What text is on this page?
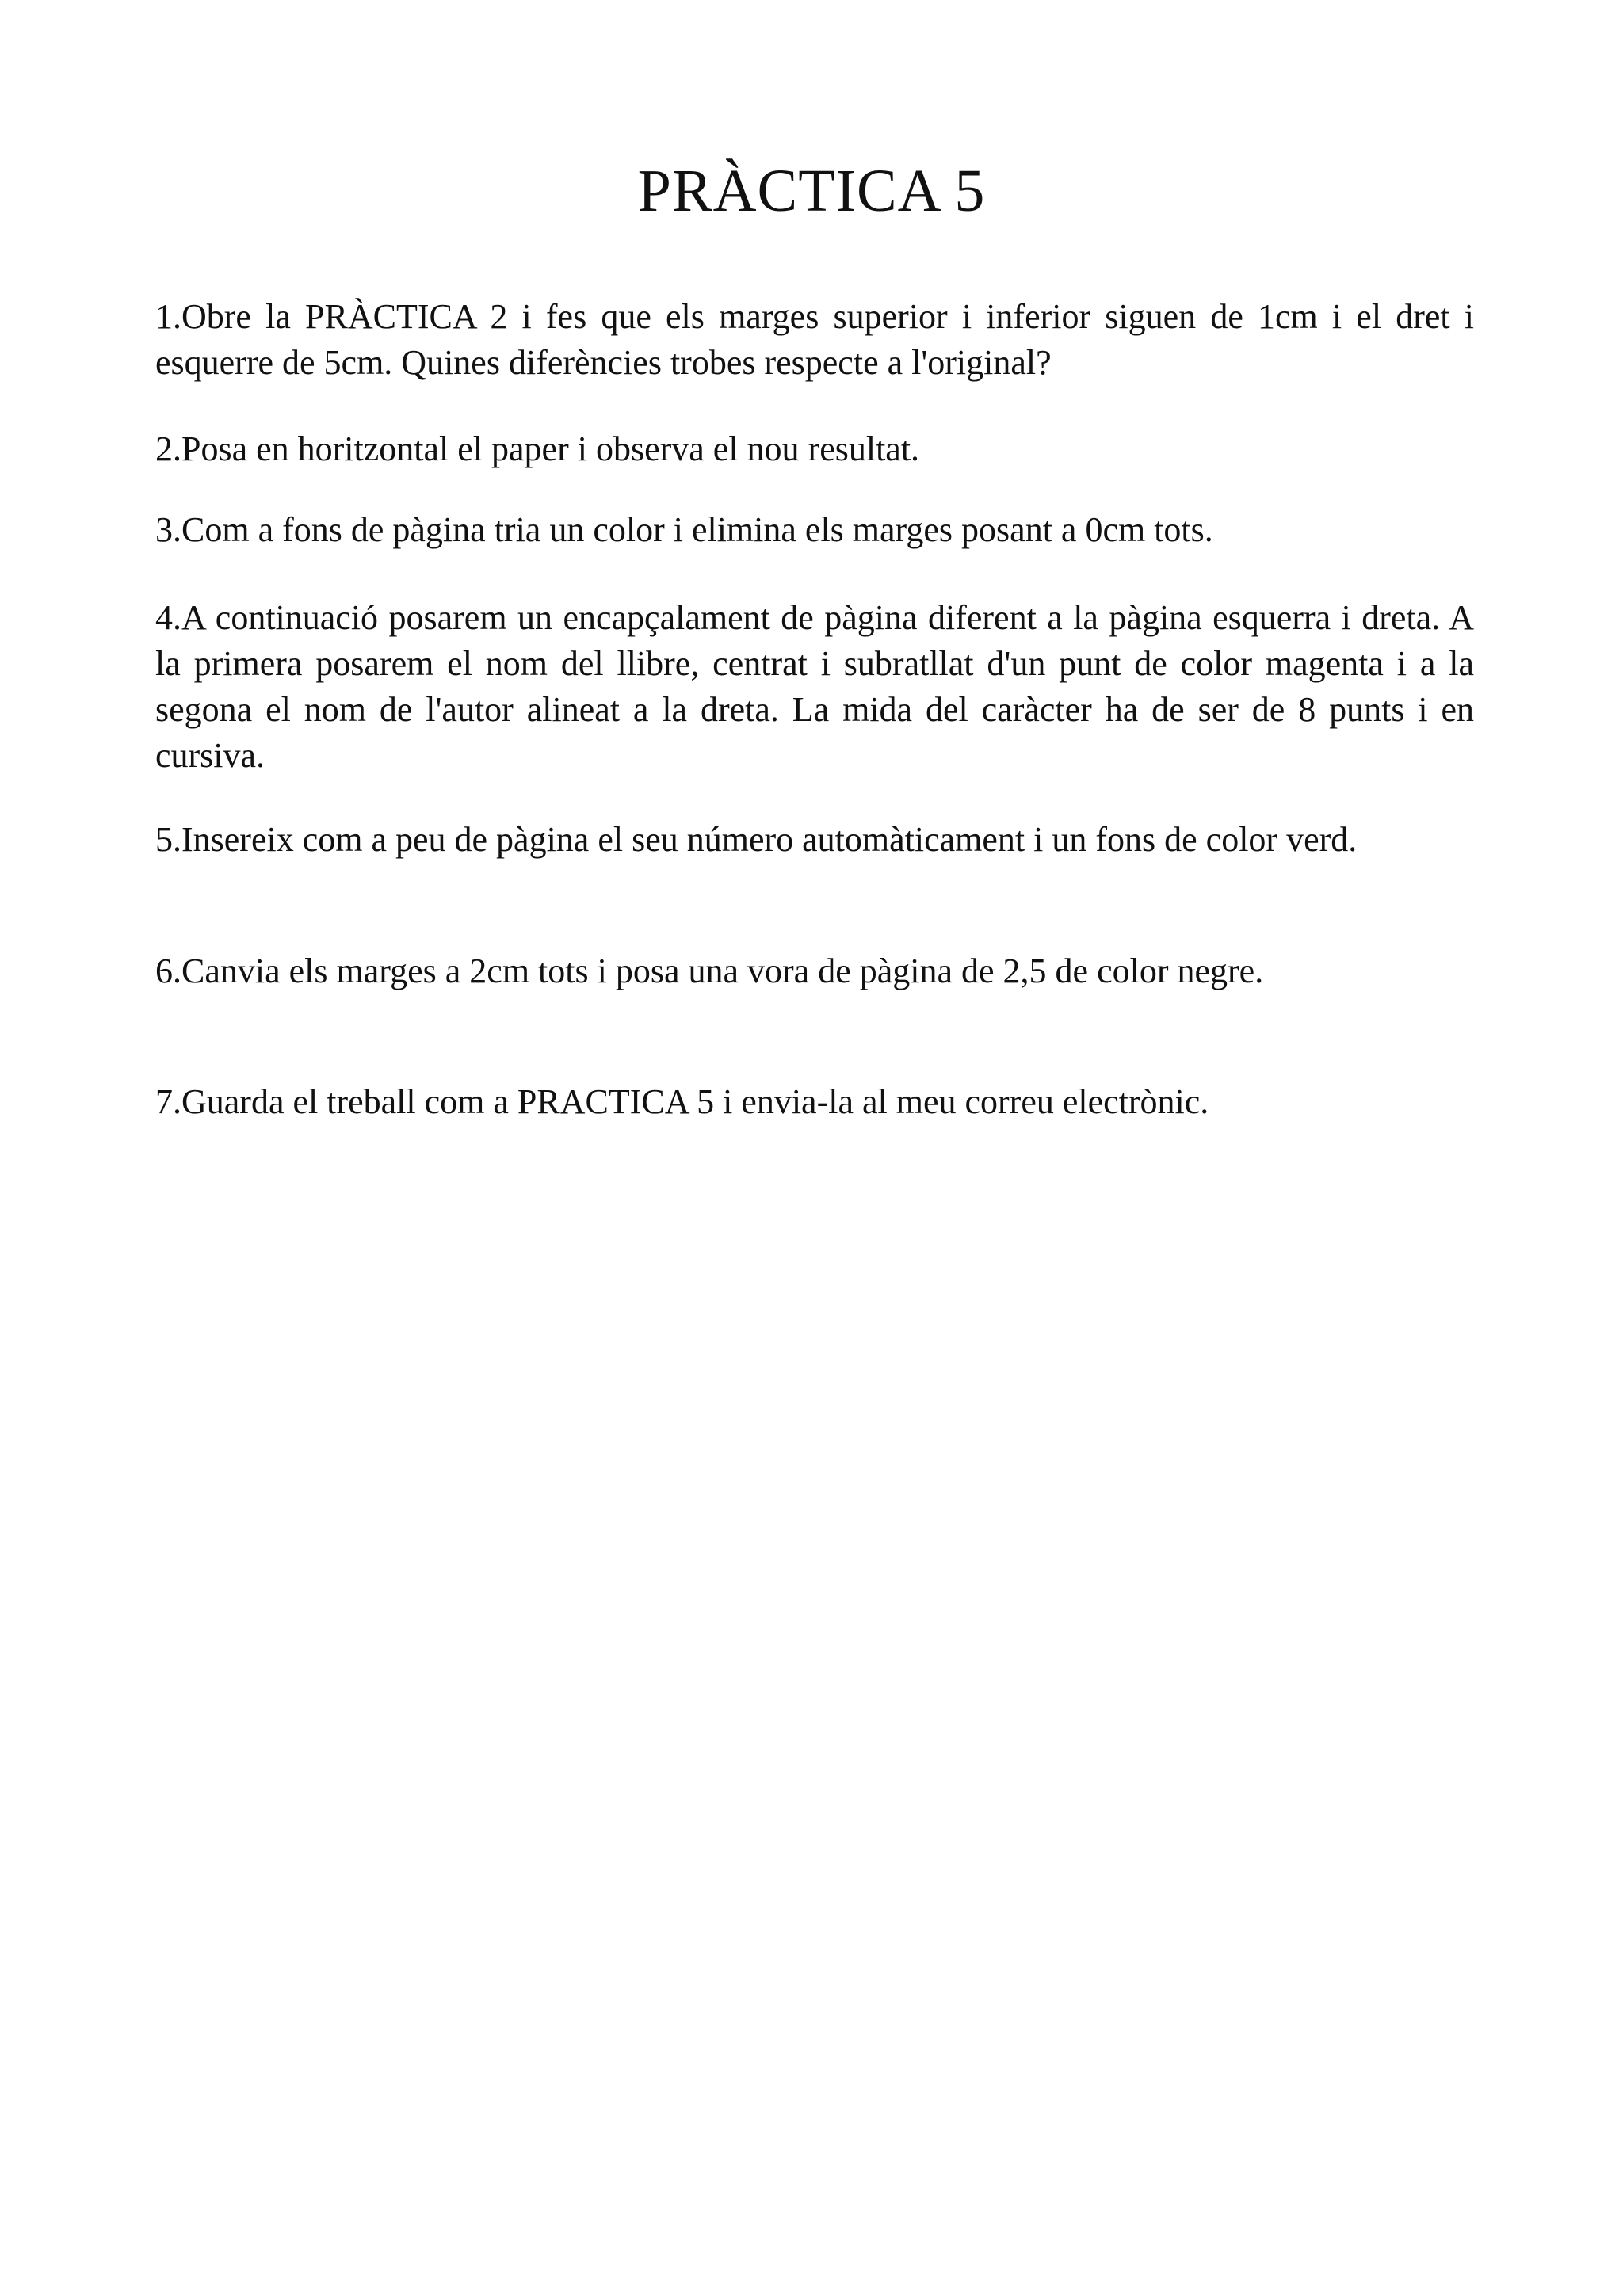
PRÀCTICA 5

1.Obre la PRÀCTICA 2 i fes que els marges superior i inferior siguen de 1cm i el dret i esquerre de 5cm. Quines diferències trobes respecte a l'original?

2.Posa en horitzontal el paper i observa el nou resultat.

3.Com a fons de pàgina tria un color i elimina els marges posant a 0cm tots.

4.A continuació posarem un encapçalament de pàgina diferent a la pàgina esquerra i dreta. A la primera posarem el nom del llibre, centrat i subratllat d'un punt de color magenta i a la segona el nom de l'autor alineat a la dreta. La mida del caràcter ha de ser de 8 punts i en cursiva.

5.Insereix com a peu de pàgina el seu número automàticament i un fons de color verd.

6.Canvia els marges a 2cm tots i posa una vora de pàgina de 2,5 de color negre.

7.Guarda el treball com a PRACTICA 5 i envia-la al meu correu electrònic.
